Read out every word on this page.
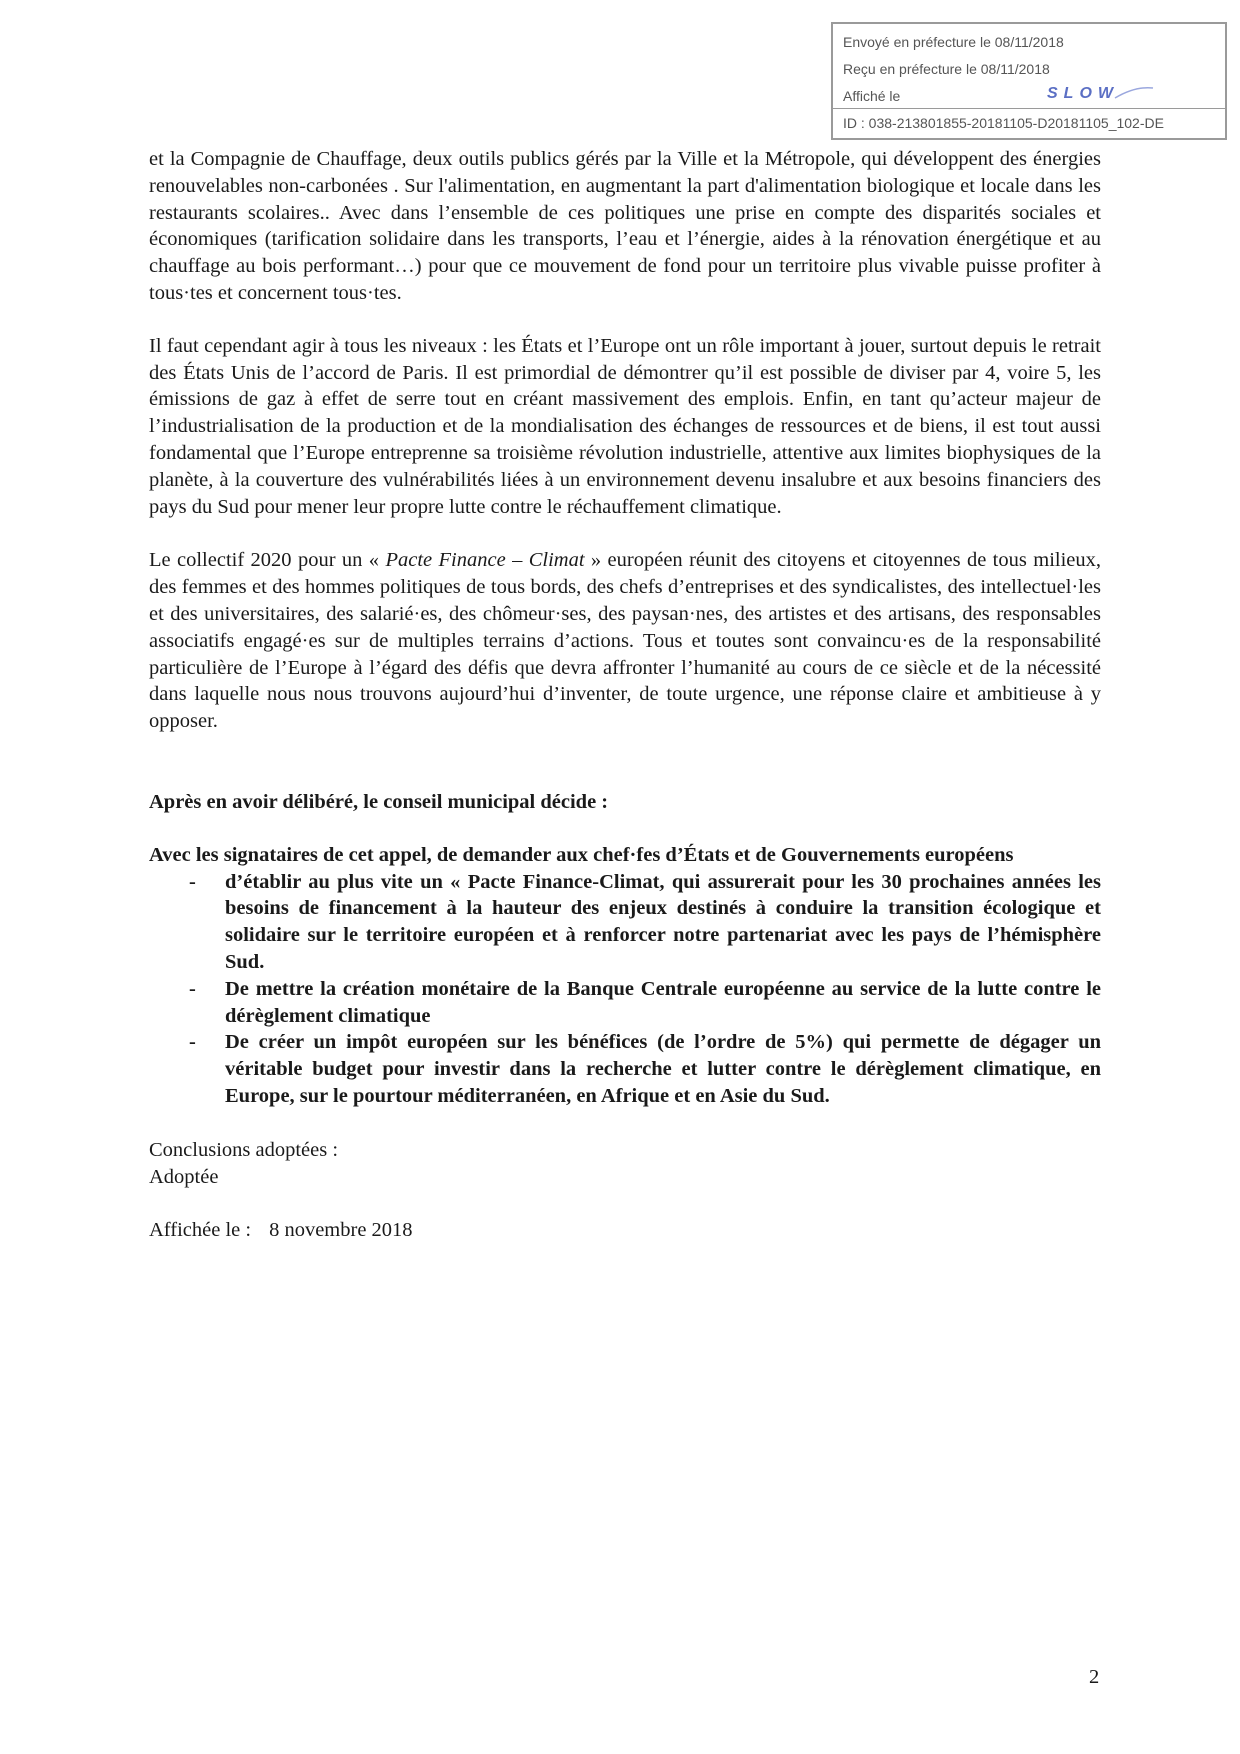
Envoyé en préfecture le 08/11/2018
Reçu en préfecture le 08/11/2018
Affiché le	SLOW
ID : 038-213801855-20181105-D20181105_102-DE

et la Compagnie de Chauffage, deux outils publics gérés par la Ville et la Métropole, qui développent des énergies renouvelables non-carbonées . Sur l'alimentation, en augmentant la part d'alimentation biologique et locale dans les restaurants scolaires.. Avec dans l’ensemble de ces politiques une prise en compte des disparités sociales et économiques (tarification solidaire dans les transports, l’eau et l’énergie, aides à la rénovation énergétique et au chauffage au bois performant…) pour que ce mouvement de fond pour un territoire plus vivable puisse profiter à tous·tes et concernent tous·tes.

Il faut cependant agir à tous les niveaux : les États et l’Europe ont un rôle important à jouer, surtout depuis le retrait des États Unis de l’accord de Paris. Il est primordial de démontrer qu’il est possible de diviser par 4, voire 5, les émissions de gaz à effet de serre tout en créant massivement des emplois. Enfin, en tant qu’acteur majeur de l’industrialisation de la production et de la mondialisation des échanges de ressources et de biens, il est tout aussi fondamental que l’Europe entreprenne sa troisième révolution industrielle, attentive aux limites biophysiques de la planète, à la couverture des vulnérabilités liées à un environnement devenu insalubre et aux besoins financiers des pays du Sud pour mener leur propre lutte contre le réchauffement climatique.

Le collectif 2020 pour un « Pacte Finance – Climat » européen réunit des citoyens et citoyennes de tous milieux, des femmes et des hommes politiques de tous bords, des chefs d’entreprises et des syndicalistes, des intellectuel·les et des universitaires, des salarié·es, des chômeur·ses, des paysan·nes, des artistes et des artisans, des responsables associatifs engagé·es sur de multiples terrains d’actions. Tous et toutes sont convaincu·es de la responsabilité particulière de l’Europe à l’égard des défis que devra affronter l’humanité au cours de ce siècle et de la nécessité dans laquelle nous nous trouvons aujourd’hui d’inventer, de toute urgence, une réponse claire et ambitieuse à y opposer.

Après en avoir délibéré, le conseil municipal décide :

Avec les signataires de cet appel, de demander aux chef·fes d’États et de Gouvernements européens

- d’établir au plus vite un « Pacte Finance-Climat, qui assurerait pour les 30 prochaines années les besoins de financement à la hauteur des enjeux destinés à conduire la transition écologique et solidaire sur le territoire européen et à renforcer notre partenariat avec les pays de l’hémisphère Sud.
- De mettre la création monétaire de la Banque Centrale européenne au service de la lutte contre le dérèglement climatique
- De créer un impôt européen sur les bénéfices (de l’ordre de 5%) qui permette de dégager un véritable budget pour investir dans la recherche et lutter contre le dérèglement climatique, en Europe, sur le pourtour méditerranéen, en Afrique et en Asie du Sud.

Conclusions adoptées :
Adoptée

Affichée le : 8 novembre 2018

2
